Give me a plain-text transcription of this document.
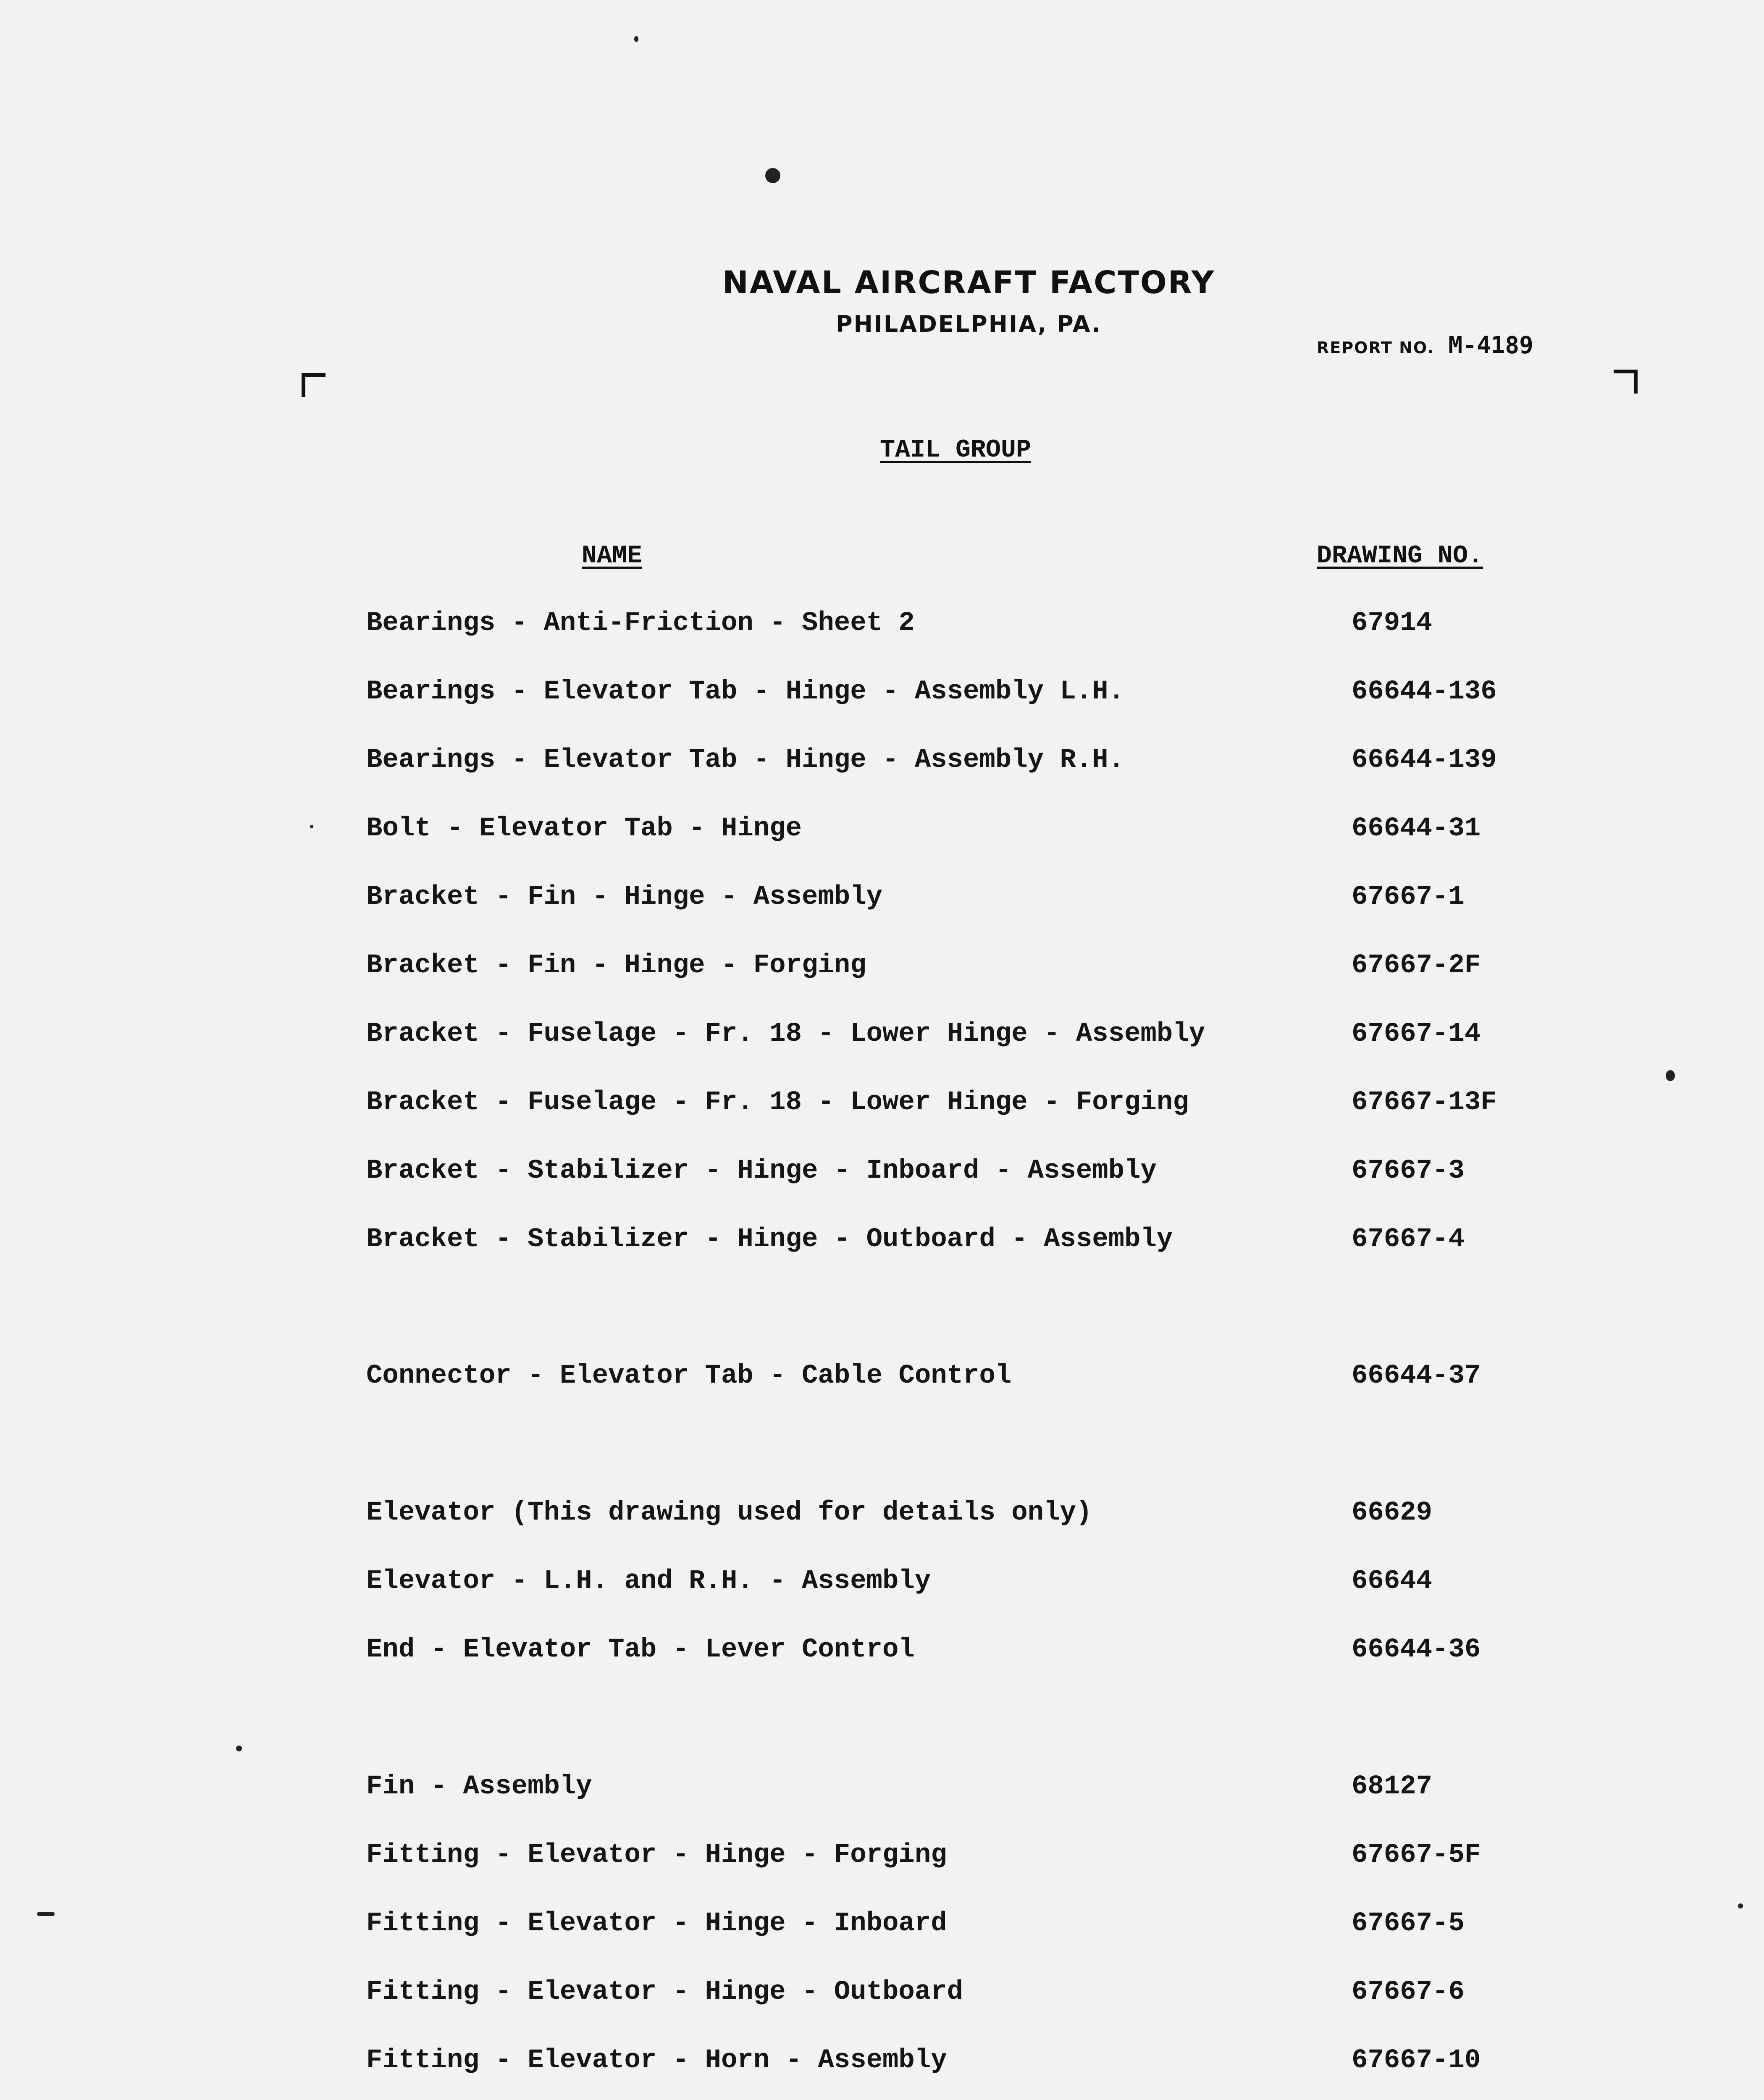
NAVAL AIRCRAFT FACTORY
PHILADELPHIA, PA.
REPORT NO. M-4189
TAIL GROUP
NAME	DRAWING NO.
Bearings - Anti-Friction - Sheet 2	67914
Bearings - Elevator Tab - Hinge - Assembly L.H.	66644-136
Bearings - Elevator Tab - Hinge - Assembly R.H.	66644-139
Bolt - Elevator Tab - Hinge	66644-31
Bracket - Fin - Hinge - Assembly	67667-1
Bracket - Fin - Hinge - Forging	67667-2F
Bracket - Fuselage - Fr. 18 - Lower Hinge - Assembly	67667-14
Bracket - Fuselage - Fr. 18 - Lower Hinge - Forging	67667-13F
Bracket - Stabilizer - Hinge - Inboard - Assembly	67667-3
Bracket - Stabilizer - Hinge - Outboard - Assembly	67667-4
Connector - Elevator Tab - Cable Control	66644-37
Elevator (This drawing used for details only)	66629
Elevator - L.H. and R.H. - Assembly	66644
End - Elevator Tab - Lever Control	66644-36
Fin - Assembly	68127
Fitting - Elevator - Hinge - Forging	67667-5F
Fitting - Elevator - Hinge - Inboard	67667-5
Fitting - Elevator - Hinge - Outboard	67667-6
Fitting - Elevator - Horn - Assembly	67667-10
